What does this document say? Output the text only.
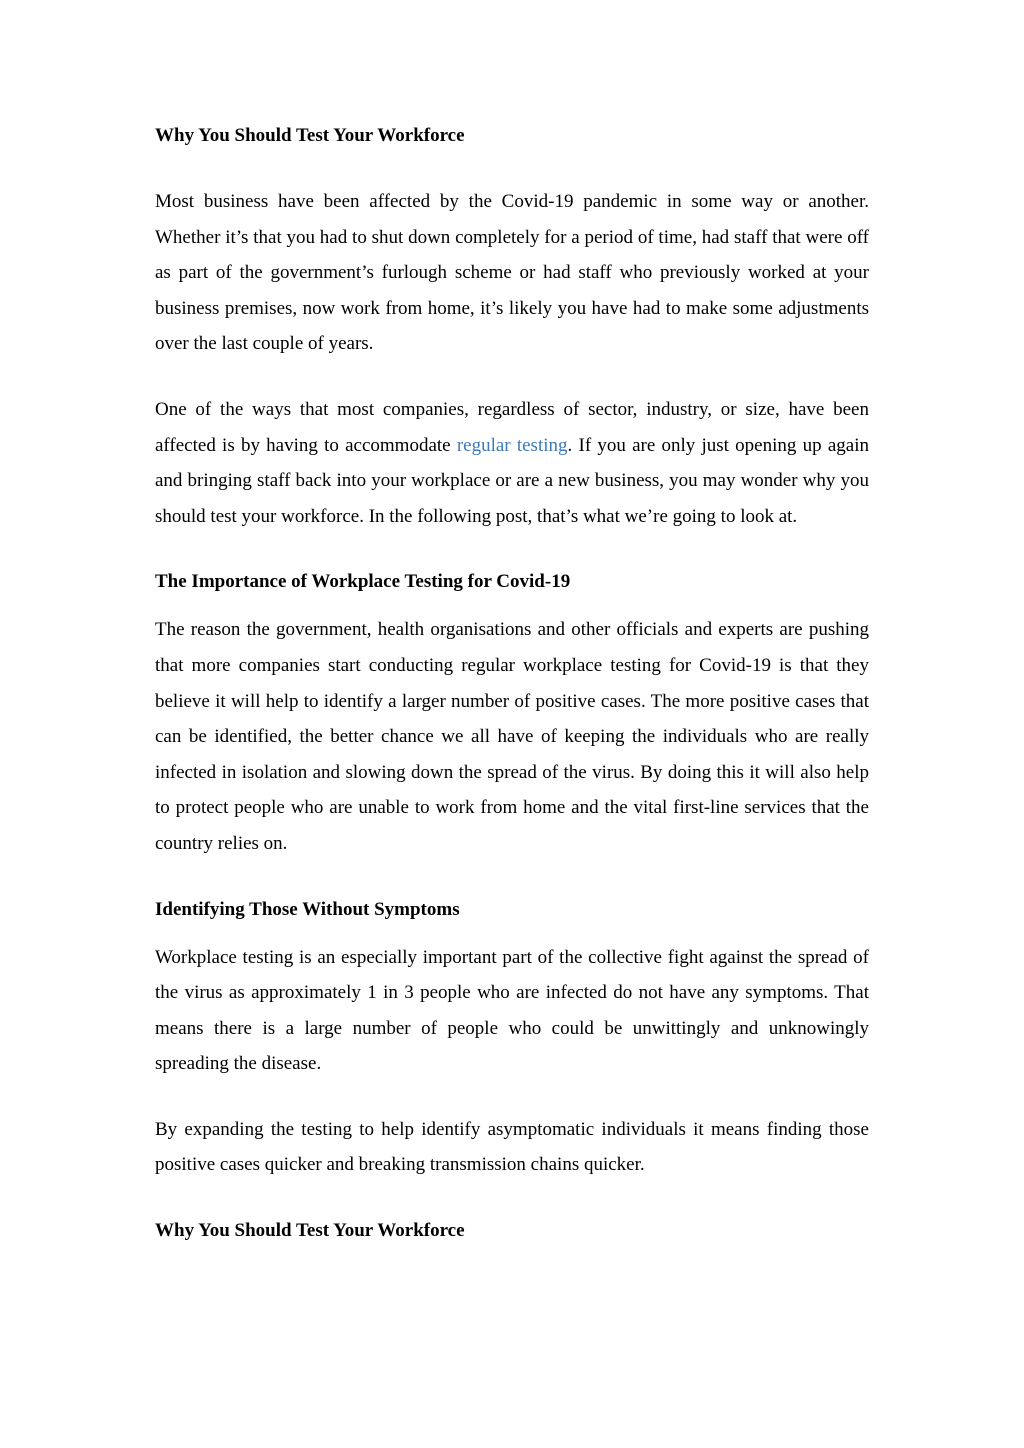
Why You Should Test Your Workforce

Most business have been affected by the Covid-19 pandemic in some way or another. Whether it’s that you had to shut down completely for a period of time, had staff that were off as part of the government’s furlough scheme or had staff who previously worked at your business premises, now work from home, it’s likely you have had to make some adjustments over the last couple of years.

One of the ways that most companies, regardless of sector, industry, or size, have been affected is by having to accommodate regular testing. If you are only just opening up again and bringing staff back into your workplace or are a new business, you may wonder why you should test your workforce. In the following post, that’s what we’re going to look at.

The Importance of Workplace Testing for Covid-19

The reason the government, health organisations and other officials and experts are pushing that more companies start conducting regular workplace testing for Covid-19 is that they believe it will help to identify a larger number of positive cases. The more positive cases that can be identified, the better chance we all have of keeping the individuals who are really infected in isolation and slowing down the spread of the virus. By doing this it will also help to protect people who are unable to work from home and the vital first-line services that the country relies on.

Identifying Those Without Symptoms

Workplace testing is an especially important part of the collective fight against the spread of the virus as approximately 1 in 3 people who are infected do not have any symptoms. That means there is a large number of people who could be unwittingly and unknowingly spreading the disease.

By expanding the testing to help identify asymptomatic individuals it means finding those positive cases quicker and breaking transmission chains quicker.

Why You Should Test Your Workforce
